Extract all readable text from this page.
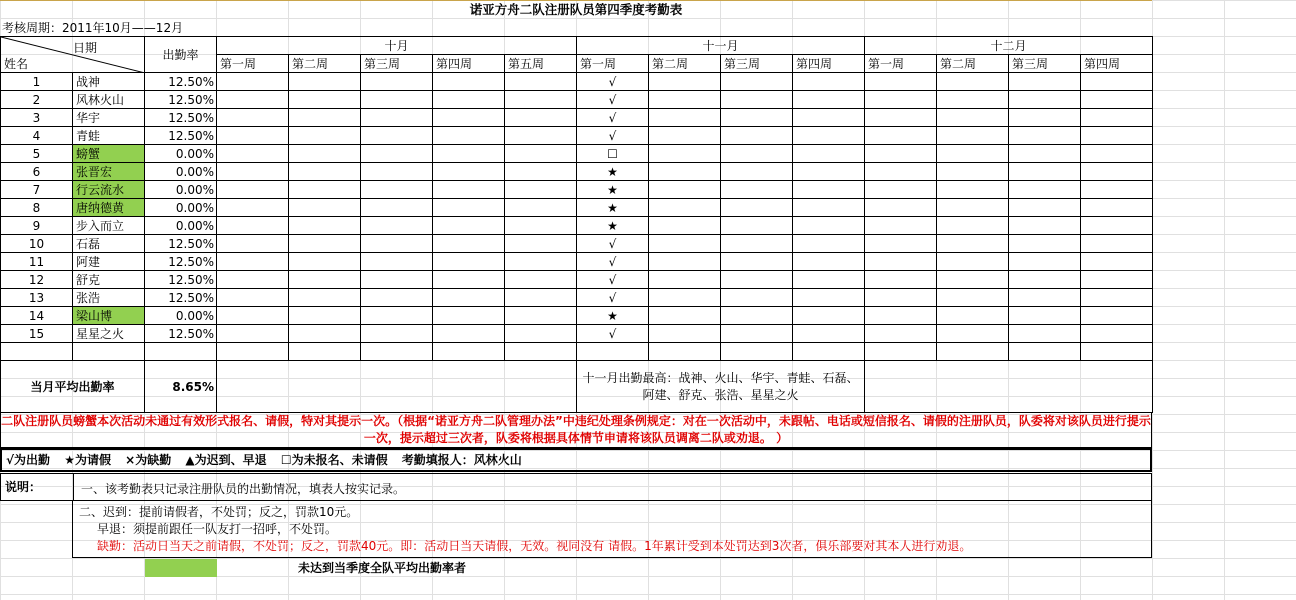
诺亚方舟二队注册队员第四季度考勤表
考核周期：2011年10月——12月
日期
姓名		出勤率	十月					十一月				十二月			
			第一周	第二周	第三周	第四周	第五周	第一周	第二周	第三周	第四周	第一周	第二周	第三周	第四周
1	战神	12.50%						√							
2	风林火山	12.50%						√							
3	华宇	12.50%						√							
4	青蛙	12.50%						√							
5	螃蟹	0.00%						☐							
6	张晋宏	0.00%						★							
7	行云流水	0.00%						★							
8	唐纳德黄	0.00%						★							
9	步入而立	0.00%						★							
10	石磊	12.50%						√							
11	阿建	12.50%						√							
12	舒克	12.50%						√							
13	张浩	12.50%						√							
14	梁山博	0.00%						★							
15	星星之火	12.50%						√							

当月平均出勤率		8.65%						十一月出勤最高：战神、火山、华宇、青蛙、石磊、阿建、舒克、张浩、星星之火							
二队注册队员螃蟹本次活动未通过有效形式报名、请假，特对其提示一次。（根据“诺亚方舟二队管理办法”中违纪处理条例规定：对在一次活动中，未跟帖、电话或短信报名、请假的注册队员，队委将对该队员进行提示一次，提示超过三次者，队委将根据具体情节申请将该队员调离二队或劝退。 ）
√为出勤 ★为请假 ×为缺勤 ▲为迟到、早退 ☐为未报名、未请假 考勤填报人：风林火山
说明：	一、该考勤表只记录注册队员的出勤情况，填表人按实记录。
二、迟到：提前请假者，不处罚；反之，罚款10元。
早退：须提前跟任一队友打一招呼，不处罚。
缺勤：活动日当天之前请假，不处罚；反之，罚款40元。即：活动日当天请假，无效。视同没有 请假。1年累计受到本处罚达到3次者，俱乐部要对其本人进行劝退。
未达到当季度全队平均出勤率者
